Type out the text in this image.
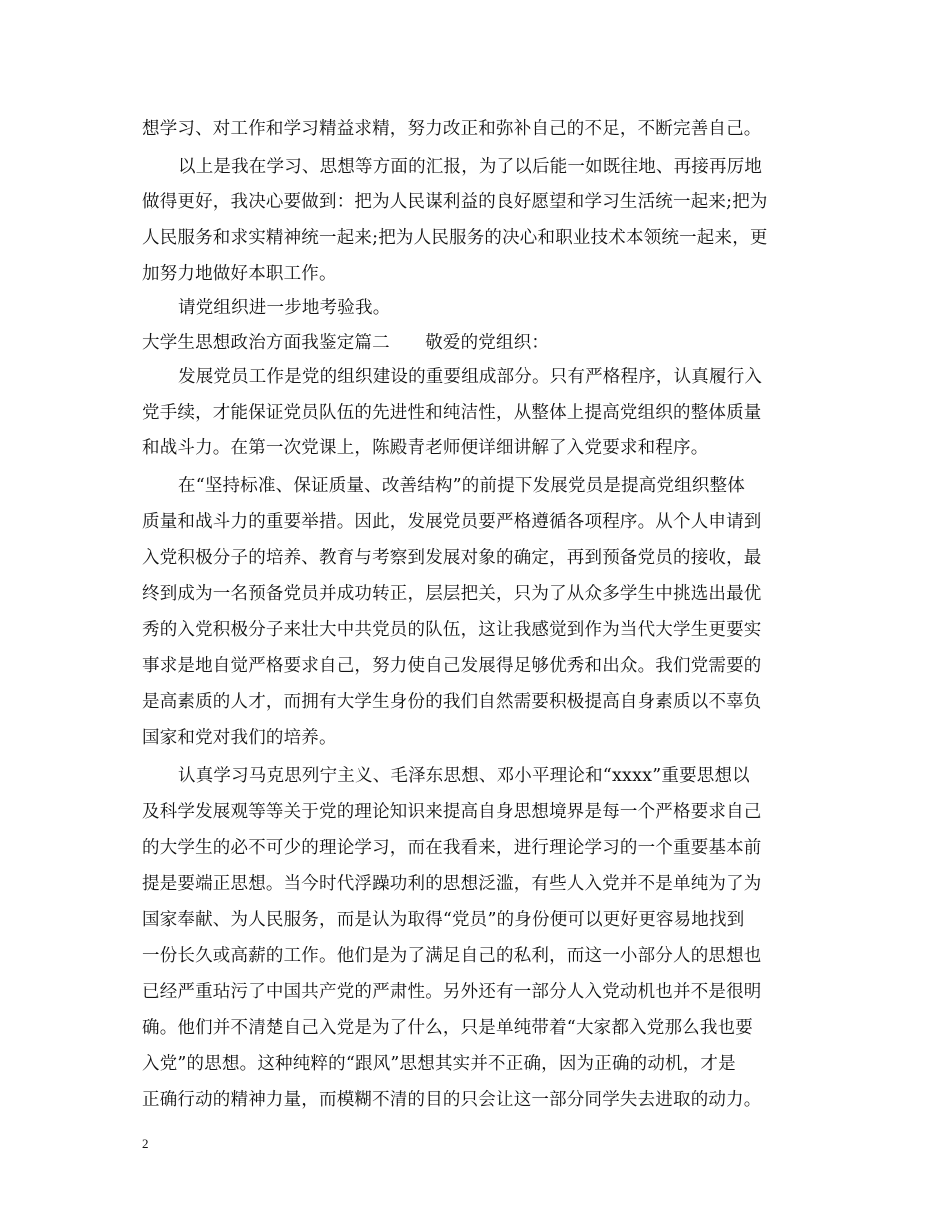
想学习、对工作和学习精益求精，努力改正和弥补自己的不足，不断完善自己。
以上是我在学习、思想等方面的汇报，为了以后能一如既往地、再接再厉地
做得更好，我决心要做到：把为人民谋利益的良好愿望和学习生活统一起来;把为
人民服务和求实精神统一起来;把为人民服务的决心和职业技术本领统一起来，更
加努力地做好本职工作。
请党组织进一步地考验我。
大学生思想政治方面我鉴定篇二　　敬爱的党组织：
发展党员工作是党的组织建设的重要组成部分。只有严格程序，认真履行入
党手续，才能保证党员队伍的先进性和纯洁性，从整体上提高党组织的整体质量
和战斗力。在第一次党课上，陈殿青老师便详细讲解了入党要求和程序。
在“坚持标准、保证质量、改善结构”的前提下发展党员是提高党组织整体
质量和战斗力的重要举措。因此，发展党员要严格遵循各项程序。从个人申请到
入党积极分子的培养、教育与考察到发展对象的确定，再到预备党员的接收，最
终到成为一名预备党员并成功转正，层层把关，只为了从众多学生中挑选出最优
秀的入党积极分子来壮大中共党员的队伍，这让我感觉到作为当代大学生更要实
事求是地自觉严格要求自己，努力使自己发展得足够优秀和出众。我们党需要的
是高素质的人才，而拥有大学生身份的我们自然需要积极提高自身素质以不辜负
国家和党对我们的培养。
认真学习马克思列宁主义、毛泽东思想、邓小平理论和“xxxx”重要思想以
及科学发展观等等关于党的理论知识来提高自身思想境界是每一个严格要求自己
的大学生的必不可少的理论学习，而在我看来，进行理论学习的一个重要基本前
提是要端正思想。当今时代浮躁功利的思想泛滥，有些人入党并不是单纯为了为
国家奉献、为人民服务，而是认为取得“党员”的身份便可以更好更容易地找到
一份长久或高薪的工作。他们是为了满足自己的私利，而这一小部分人的思想也
已经严重玷污了中国共产党的严肃性。另外还有一部分人入党动机也并不是很明
确。他们并不清楚自己入党是为了什么，只是单纯带着“大家都入党那么我也要
入党”的思想。这种纯粹的“跟风”思想其实并不正确，因为正确的动机，才是
正确行动的精神力量，而模糊不清的目的只会让这一部分同学失去进取的动力。
2
